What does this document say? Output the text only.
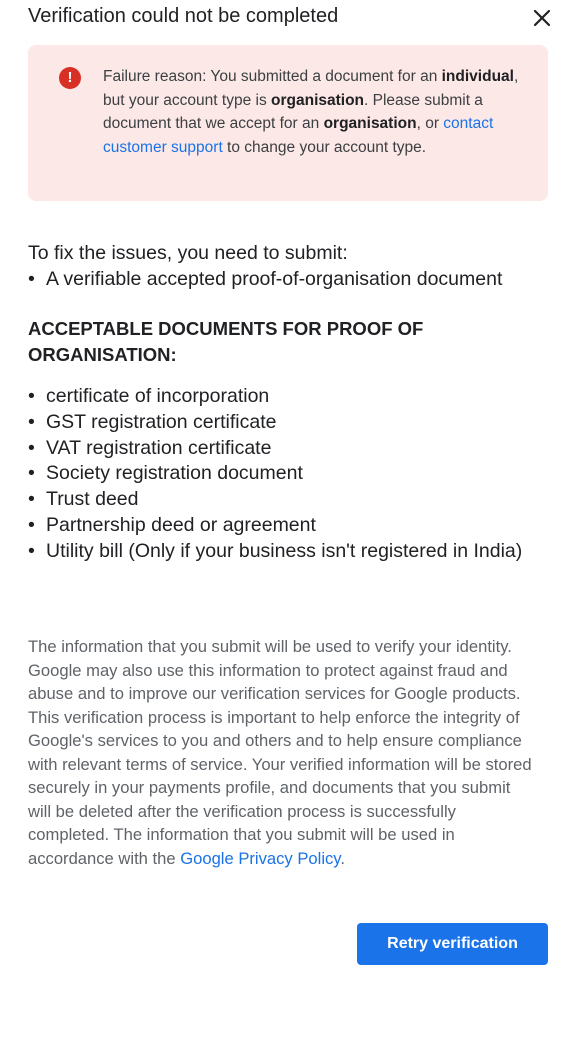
Verification could not be completed
!
Failure reason: You submitted a document for an individual, but your account type is organisation. Please submit a document that we accept for an organisation, or contact customer support to change your account type.
To fix the issues, you need to submit:
• A verifiable accepted proof-of-organisation document
ACCEPTABLE DOCUMENTS FOR PROOF OF ORGANISATION:
• certificate of incorporation
• GST registration certificate
• VAT registration certificate
• Society registration document
• Trust deed
• Partnership deed or agreement
• Utility bill (Only if your business isn't registered in India)
The information that you submit will be used to verify your identity. Google may also use this information to protect against fraud and abuse and to improve our verification services for Google products. This verification process is important to help enforce the integrity of Google's services to you and others and to help ensure compliance with relevant terms of service. Your verified information will be stored securely in your payments profile, and documents that you submit will be deleted after the verification process is successfully completed. The information that you submit will be used in accordance with the Google Privacy Policy.
Retry verification
